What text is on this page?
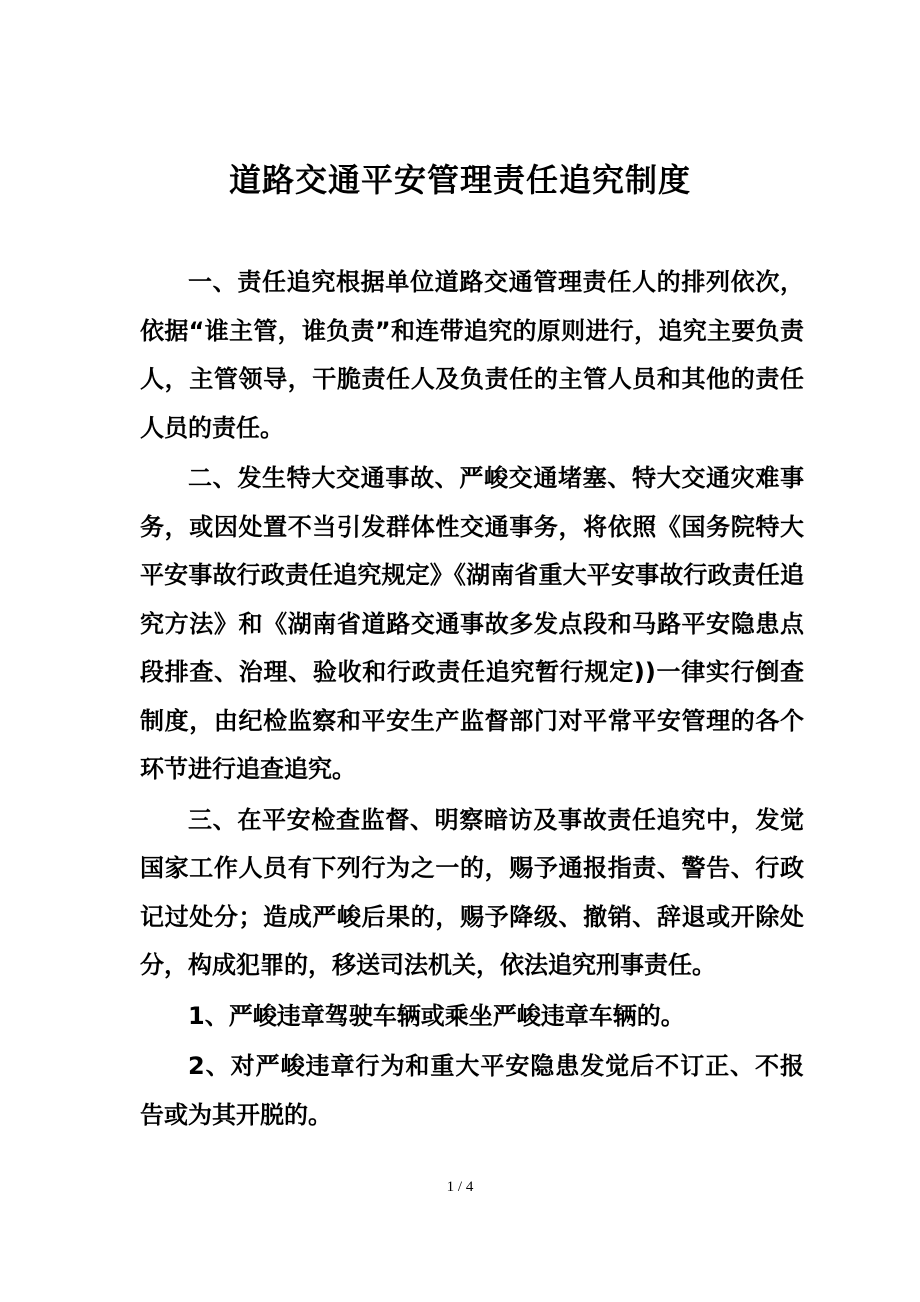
道路交通平安管理责任追究制度

一、责任追究根据单位道路交通管理责任人的排列依次，依据“谁主管，谁负责”和连带追究的原则进行，追究主要负责人，主管领导，干脆责任人及负责任的主管人员和其他的责任人员的责任。

二、发生特大交通事故、严峻交通堵塞、特大交通灾难事务，或因处置不当引发群体性交通事务，将依照《国务院特大平安事故行政责任追究规定》《湖南省重大平安事故行政责任追究方法》和《湖南省道路交通事故多发点段和马路平安隐患点段排查、治理、验收和行政责任追究暂行规定))一律实行倒查制度，由纪检监察和平安生产监督部门对平常平安管理的各个环节进行追查追究。

三、在平安检查监督、明察暗访及事故责任追究中，发觉国家工作人员有下列行为之一的，赐予通报指责、警告、行政记过处分；造成严峻后果的，赐予降级、撤销、辞退或开除处分，构成犯罪的，移送司法机关，依法追究刑事责任。

1、严峻违章驾驶车辆或乘坐严峻违章车辆的。

2、对严峻违章行为和重大平安隐患发觉后不订正、不报告或为其开脱的。

1 / 4
